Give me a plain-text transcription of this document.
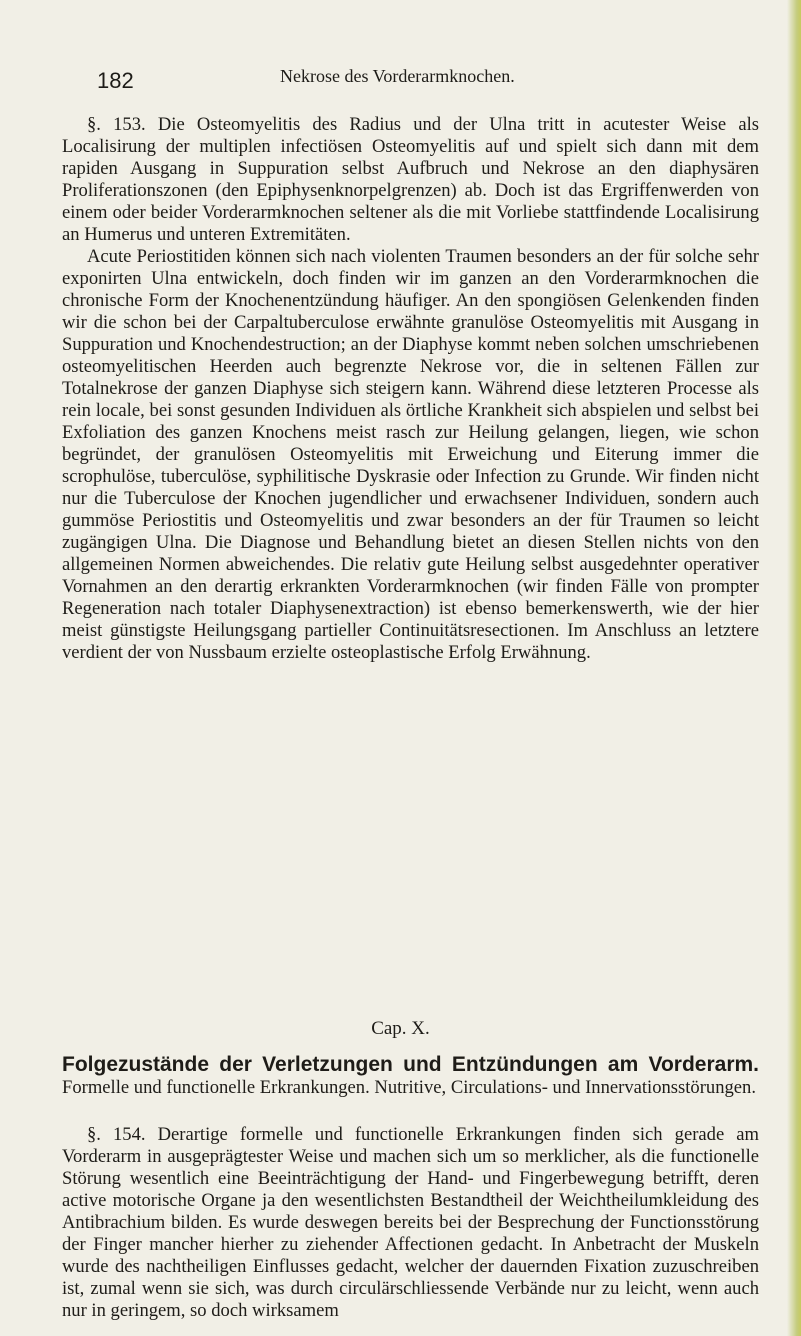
182	Nekrose des Vorderarmknochen.

§. 153. Die Osteomyelitis des Radius und der Ulna tritt in acutester Weise als Localisirung der multiplen infectiösen Osteomyelitis auf und spielt sich dann mit dem rapiden Ausgang in Suppuration selbst Aufbruch und Nekrose an den diaphysären Proliferationszonen (den Epiphysenknorpelgrenzen) ab. Doch ist das Ergriffenwerden von einem oder beider Vorderarmknochen seltener als die mit Vorliebe stattfindende Localisirung an Humerus und unteren Extremitäten.

Acute Periostitiden können sich nach violenten Traumen besonders an der für solche sehr exponirten Ulna entwickeln, doch finden wir im ganzen an den Vorderarmknochen die chronische Form der Knochenentzündung häufiger. An den spongiösen Gelenkenden finden wir die schon bei der Carpaltuberculose erwähnte granulöse Osteomyelitis mit Ausgang in Suppuration und Knochendestruction; an der Diaphyse kommt neben solchen umschriebenen osteomyelitischen Heerden auch begrenzte Nekrose vor, die in seltenen Fällen zur Totalnekrose der ganzen Diaphyse sich steigern kann. Während diese letzteren Processe als rein locale, bei sonst gesunden Individuen als örtliche Krankheit sich abspielen und selbst bei Exfoliation des ganzen Knochens meist rasch zur Heilung gelangen, liegen, wie schon begründet, der granulösen Osteomyelitis mit Erweichung und Eiterung immer die scrophulöse, tuberculöse, syphilitische Dyskrasie oder Infection zu Grunde. Wir finden nicht nur die Tuberculose der Knochen jugendlicher und erwachsener Individuen, sondern auch gummöse Periostitis und Osteomyelitis und zwar besonders an der für Traumen so leicht zugängigen Ulna. Die Diagnose und Behandlung bietet an diesen Stellen nichts von den allgemeinen Normen abweichendes. Die relativ gute Heilung selbst ausgedehnter operativer Vornahmen an den derartig erkrankten Vorderarmknochen (wir finden Fälle von prompter Regeneration nach totaler Diaphysenextraction) ist ebenso bemerkenswerth, wie der hier meist günstigste Heilungsgang partieller Continuitätsresectionen. Im Anschluss an letztere verdient der von Nussbaum erzielte osteoplastische Erfolg Erwähnung.

Cap. X.

Folgezustände der Verletzungen und Entzündungen am Vorderarm. Formelle und functionelle Erkrankungen. Nutritive, Circulations- und Innervationsstörungen.

§. 154. Derartige formelle und functionelle Erkrankungen finden sich gerade am Vorderarm in ausgeprägtester Weise und machen sich um so merklicher, als die functionelle Störung wesentlich eine Beeinträchtigung der Hand- und Fingerbewegung betrifft, deren active motorische Organe ja den wesentlichsten Bestandtheil der Weichtheilumkleidung des Antibrachium bilden. Es wurde deswegen bereits bei der Besprechung der Functionsstörung der Finger mancher hierher zu ziehender Affectionen gedacht. In Anbetracht der Muskeln wurde des nachtheiligen Einflusses gedacht, welcher der dauernden Fixation zuzuschreiben ist, zumal wenn sie sich, was durch circulärschliessende Verbände nur zu leicht, wenn auch nur in geringem, so doch wirksamem
